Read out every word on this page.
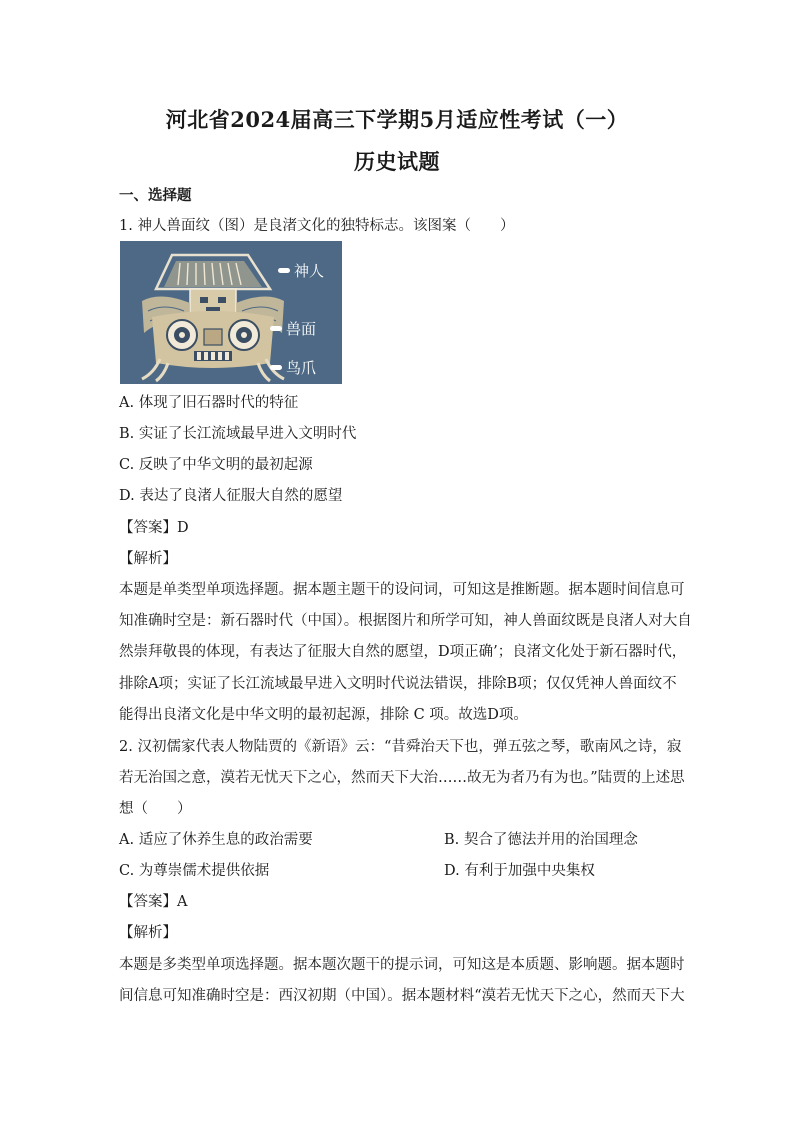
河北省2024届高三下学期5月适应性考试（一）
历史试题
一、选择题
1. 神人兽面纹（图）是良渚文化的独特标志。该图案（　　）
神人
兽面
鸟爪
A. 体现了旧石器时代的特征
B. 实证了长江流域最早进入文明时代
C. 反映了中华文明的最初起源
D. 表达了良渚人征服大自然的愿望
【答案】D
【解析】
本题是单类型单项选择题。据本题主题干的设问词，可知这是推断题。据本题时间信息可
知准确时空是：新石器时代（中国）。根据图片和所学可知，神人兽面纹既是良渚人对大自
然崇拜敬畏的体现，有表达了征服大自然的愿望，D项正确’；良渚文化处于新石器时代，
排除A项；实证了长江流域最早进入文明时代说法错误，排除B项；仅仅凭神人兽面纹不
能得出良渚文化是中华文明的最初起源，排除 C 项。故选D项。
2. 汉初儒家代表人物陆贾的《新语》云：“昔舜治天下也，弹五弦之琴，歌南风之诗，寂
若无治国之意，漠若无忧天下之心，然而天下大治……故无为者乃有为也。”陆贾的上述思
想（　　）
A. 适应了休养生息的政治需要	B. 契合了德法并用的治国理念
C. 为尊崇儒术提供依据	D. 有利于加强中央集权
【答案】A
【解析】
本题是多类型单项选择题。据本题次题干的提示词，可知这是本质题、影响题。据本题时
间信息可知准确时空是：西汉初期（中国）。据本题材料“漠若无忧天下之心，然而天下大
